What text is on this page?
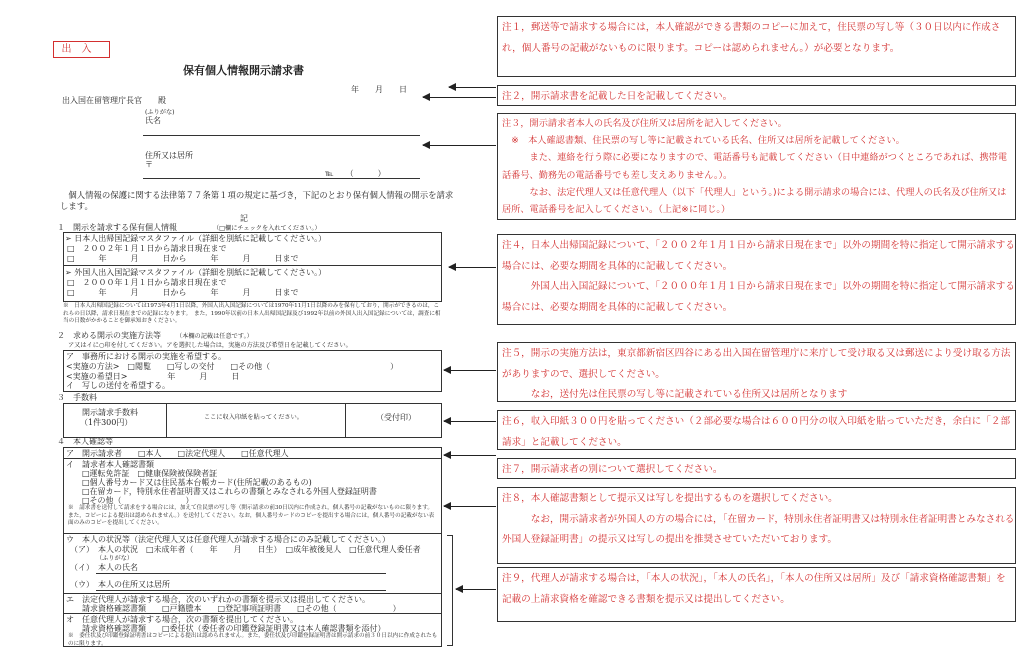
出入
保有個人情報開示請求書
年　　月　　日
出入国在留管理庁長官　　殿
(ふりがな)
氏名
住所又は居所
〒
℡　　（　　　）
個人情報の保護に関する法律第７７条第１項の規定に基づき，下記のとおり保有個人情報の開示を請求します。
記
１　開示を請求する保有個人情報	（□欄にチェックを入れてください。）
➢ 日本人出帰国記録マスタファイル（詳細を別紙に記載してください。）
□　２００２年１月１日から請求日現在まで
□　　　年　　　月　　　日から　　　年　　　月　　　日まで
➢ 外国人出入国記録マスタファイル（詳細を別紙に記載してください。）
□　２０００年１月１日から請求日現在まで
□　　　年　　　月　　　日から　　　年　　　月　　　日まで
※　日本人出帰国記録については1973年4月1日以降，外国人出入国記録については1970年11月1日以降のみを保有しており，開示ができるのは，これらの日以降，請求日現在までの記録になります。　また，1990年以前の日本人出帰国記録及び1992年以前の外国人出入国記録については，調査に相当の日数がかかることを御承知おきください。
２　求める開示の実施方法等 （本欄の記載は任意です。）
ア又はイに○印を付してください。アを選択した場合は，実施の方法及び希望日を記載してください。
ア　事務所における開示の実施を希望する。
<実施の方法>　□閲覧　　□写しの交付　　□その他（　　　　　　　　　　　　　　　）
<実施の希望日>　　　　　年　　　月　　　日
イ　写しの送付を希望する。
３　手数料
開示請求手数料
（1件300円）
ここに収入印紙を貼ってください。	（受付印）
４　本人確認等
ア　開示請求者　　□本人　　□法定代理人　　□任意代理人
イ　請求者本人確認書類
□運転免許証　□健康保険被保険者証
□個人番号カード又は住民基本台帳カード(住所記載のあるもの)
□在留カード，特別永住者証明書又はこれらの書類とみなされる外国人登録証明書
□その他（　　　　　　　　）
※　請求書を送付して請求をする場合には，加えて住民票の写し等（開示請求の前30日以内に作成され，個人番号の記載がないものに限ります。また，コピーによる提出は認められません。）を送付してください。なお，個人番号カードのコピーを提出する場合には，個人番号の記載がない表面のみのコピーを提出してください。
ウ　本人の状況等（法定代理人又は任意代理人が請求する場合にのみ記載してください。）
（ア）　本人の状況　□未成年者（　　年　　月　　日生）　□成年被後見人　□任意代理人委任者
（ふりがな）
（イ）　本人の氏名
（ウ）　本人の住所又は居所
エ　法定代理人が請求する場合，次のいずれかの書類を提示又は提出してください。
請求資格確認書類　　□戸籍謄本　　□登記事項証明書　　□その他（　　　　　　　）
オ　任意代理人が請求する場合，次の書類を提出してください。
請求資格確認書類　　□委任状（委任者の印鑑登録証明書又は本人確認書類を添付）
※　委任状及び印鑑登録証明書はコピーによる提出は認められません。また，委任状及び印鑑登録証明書は開示請求の前３０日以内に作成されたものに限ります。
注１，郵送等で請求する場合には，本人確認ができる書類のコピーに加えて，住民票の写し等（３０日以内に作成され，個人番号の記載がないものに限ります。コピーは認められません。）が必要となります。
注２，開示請求書を記載した日を記載してください。
注３，開示請求者本人の氏名及び住所又は居所を記入してください。
　※　本人確認書類、住民票の写し等に記載されている氏名、住所又は居所を記載してください。
　　　また、連絡を行う際に必要になりますので、電話番号も記載してください（日中連絡がつくところであれば、携帯電話番号、勤務先の電話番号でも差し支えありません。）。
　　　なお、法定代理人又は任意代理人（以下「代理人」という。)による開示請求の場合には、代理人の氏名及び住所又は居所、電話番号を記入してください。（上記※に同じ。）
注４，日本人出帰国記録について、「２００２年１月１日から請求日現在まで」以外の期間を特に指定して開示請求する場合には、必要な期間を具体的に記載してください。
　　　外国人出入国記録について、「２０００年１月１日から請求日現在まで」以外の期間を特に指定して開示請求する場合には、必要な期間を具体的に記載してください。
注５，開示の実施方法は，東京都新宿区四谷にある出入国在留管理庁に来庁して受け取る又は郵送により受け取る方法がありますので、選択してください。
　　　なお，送付先は住民票の写し等に記載されている住所又は居所となります
注６，収入印紙３００円を貼ってください（２部必要な場合は６００円分の収入印紙を貼っていただき，余白に「２部請求」と記載してください。
注７，開示請求者の別について選択してください。
注８，本人確認書類として提示又は写しを提出するものを選択してください。
　　　なお，開示請求者が外国人の方の場合には，「在留カード，特別永住者証明書又は特別永住者証明書とみなされる外国人登録証明書」の提示又は写しの提出を推奨させていただいております。
注９，代理人が請求する場合は，「本人の状況」，「本人の氏名」，「本人の住所又は居所」及び「請求資格確認書類」を記載の上請求資格を確認できる書類を提示又は提出してください。
